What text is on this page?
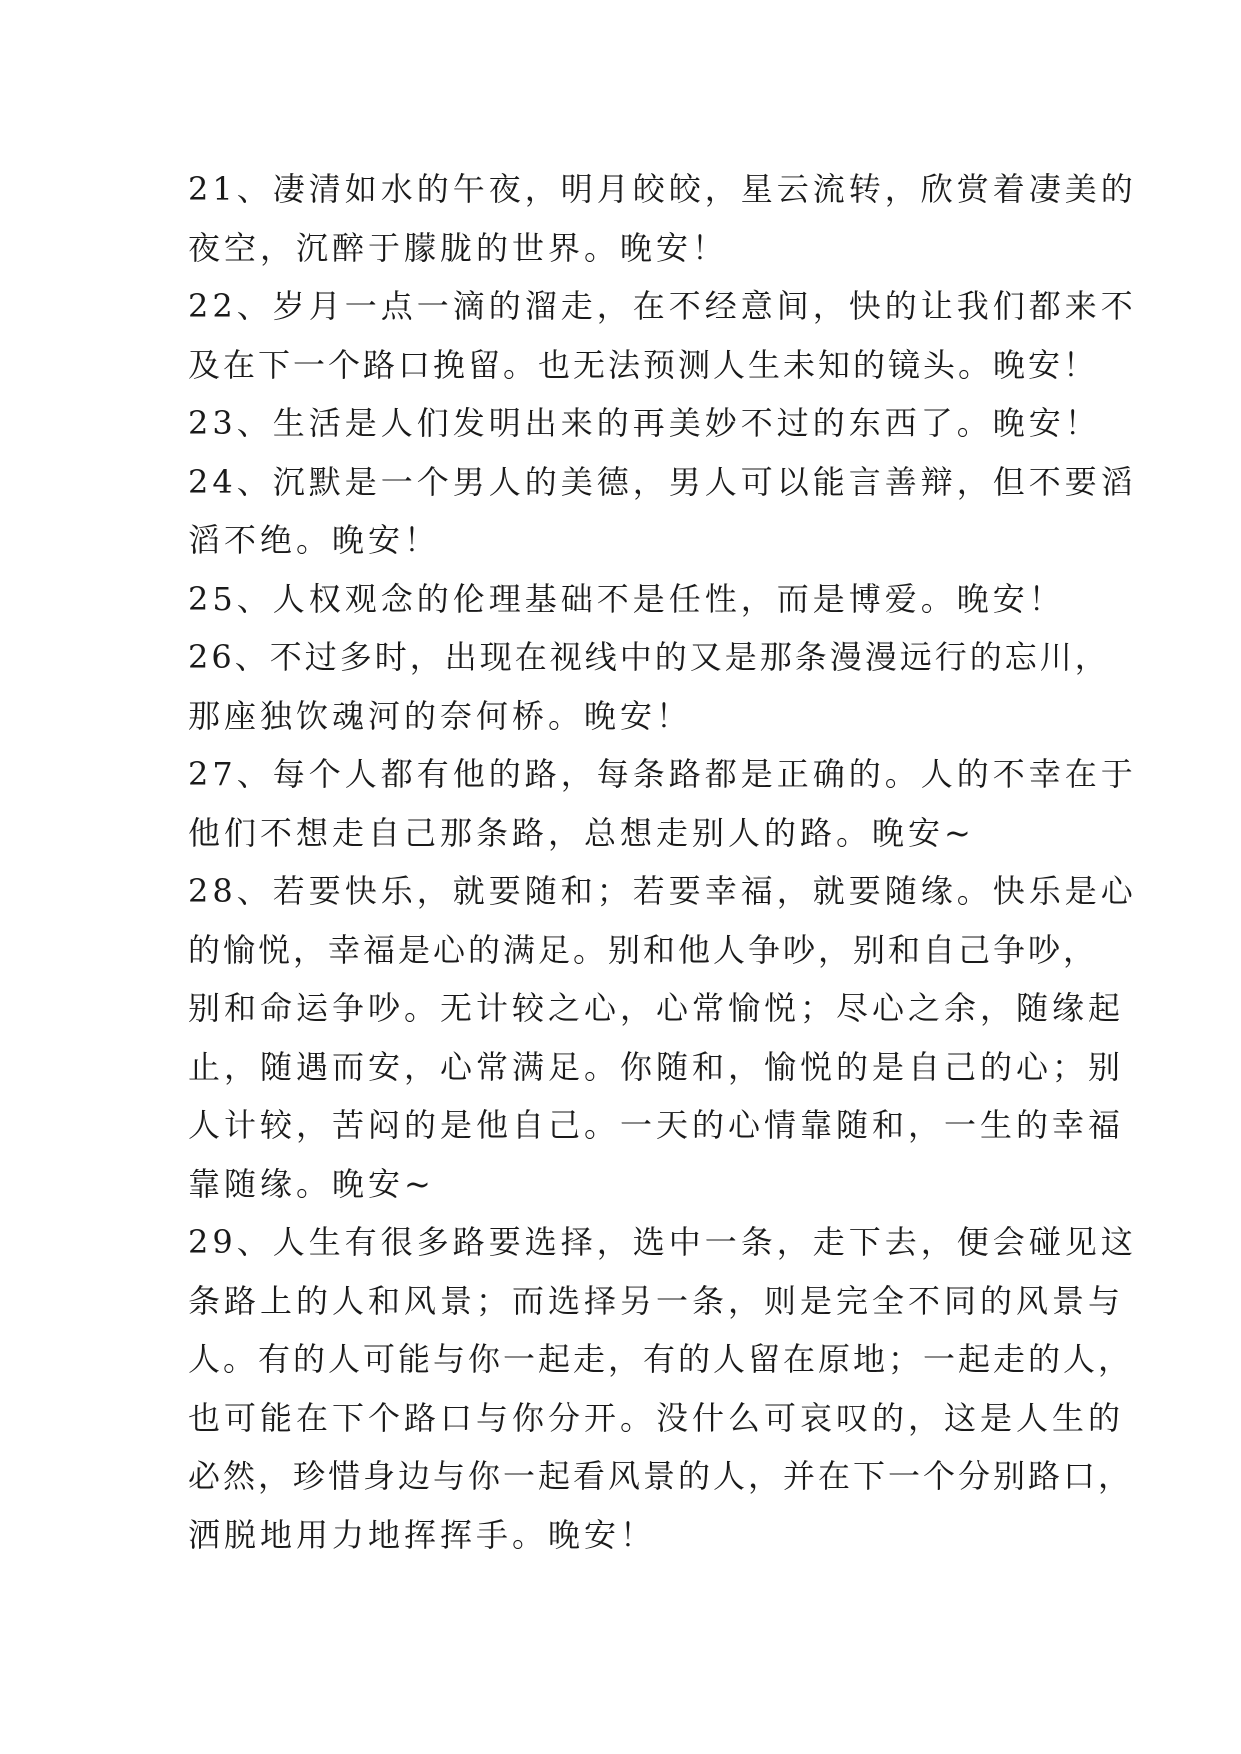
21、凄清如水的午夜，明月皎皎，星云流转，欣赏着凄美的
夜空，沉醉于朦胧的世界。晚安！
22、岁月一点一滴的溜走，在不经意间，快的让我们都来不
及在下一个路口挽留。也无法预测人生未知的镜头。晚安！
23、生活是人们发明出来的再美妙不过的东西了。晚安！
24、沉默是一个男人的美德，男人可以能言善辩，但不要滔
滔不绝。晚安！
25、人权观念的伦理基础不是任性，而是博爱。晚安！
26、不过多时，出现在视线中的又是那条漫漫远行的忘川，
那座独饮魂河的奈何桥。晚安！
27、每个人都有他的路，每条路都是正确的。人的不幸在于
他们不想走自己那条路，总想走别人的路。晚安~
28、若要快乐，就要随和；若要幸福，就要随缘。快乐是心
的愉悦，幸福是心的满足。别和他人争吵，别和自己争吵，
别和命运争吵。无计较之心，心常愉悦；尽心之余，随缘起
止，随遇而安，心常满足。你随和，愉悦的是自己的心；别
人计较，苦闷的是他自己。一天的心情靠随和，一生的幸福
靠随缘。晚安~
29、人生有很多路要选择，选中一条，走下去，便会碰见这
条路上的人和风景；而选择另一条，则是完全不同的风景与
人。有的人可能与你一起走，有的人留在原地；一起走的人，
也可能在下个路口与你分开。没什么可哀叹的，这是人生的
必然，珍惜身边与你一起看风景的人，并在下一个分别路口，
洒脱地用力地挥挥手。晚安！
